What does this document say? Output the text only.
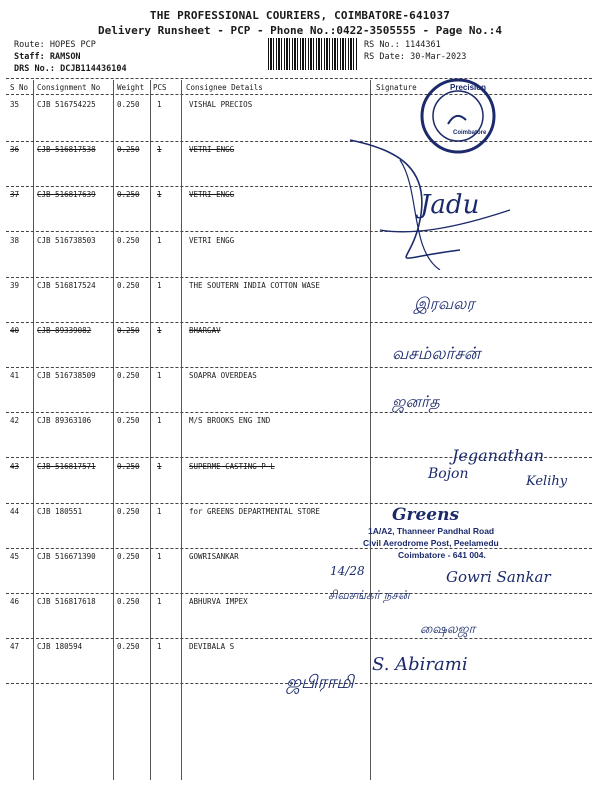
THE PROFESSIONAL COURIERS, COIMBATORE-641037
Delivery Runsheet - PCP - Phone No.:0422-3505555 - Page No.:4
Route: HOPES PCP
Staff: RAMSON
DRS No.: DCJB114436104
RS No.: 1144361
RS Date: 30-Mar-2023
S No Consignment No Weight PCS	Consignee Details	Signature
35 CJB 516754225	0.250 1	VISHAL PRECIOS
36 CJB 516817538	0.250 1	VETRI ENGG
37 CJB 516817639	0.250 1	VETRI ENGG
38 CJB 516738503	0.250 1	VETRI ENGG
39 CJB 516817524	0.250 1	THE SOUTERN INDIA COTTON WASE
40 CJB 89339082	0.250 1	BHARGAV
41 CJB 516738509	0.250 1	SOAPRA OVERDEAS
42 CJB 89363106	0.250 1	M/S BROOKS ENG IND
43 CJB 516817571	0.250 1	SUPERME CASTING P L
44 CJB 180551	0.250 1	for GREENS DEPARTMENTAL STORE
45 CJB 516671390	0.250 1	GOWRISANKAR
46 CJB 516817618	0.250 1	ABHURVA IMPEX
47 CJB 180594	0.250 1	DEVIBALA S
Precision
Coimbatore
Greens
1A/A2, Thanneer Pandhal Road
Civil Aerodrome Post, Peelamedu
Coimbatore - 641 004.
Jadu
இரவலர
வசம்லர்சன்
ஜனர்த
Jeganathan
Bojon	Kelihy
14/28	Gowri Sankar
சிவசங்கர் நசன்
ஷைலஜா
S. Abirami
ஜபிராமி
